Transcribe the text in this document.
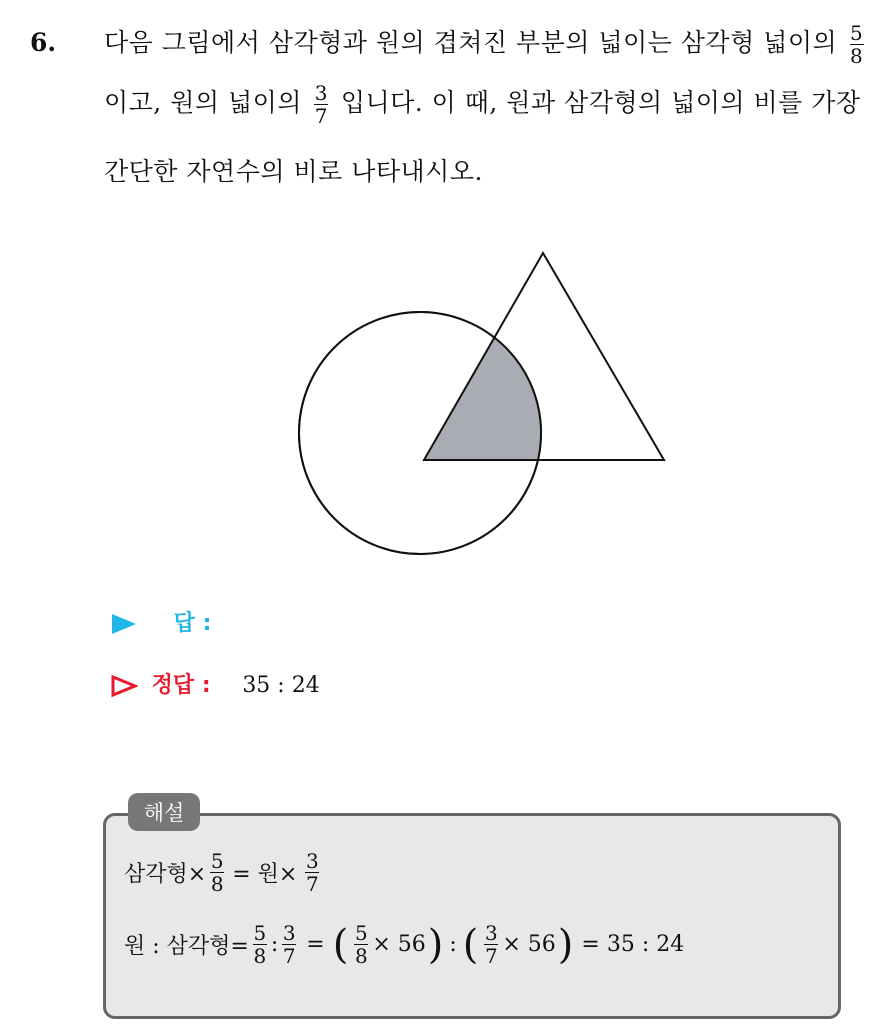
6. 다음 그림에서 삼각형과 원의 겹쳐진 부분의 넓이는 삼각형 넓이의 $\frac{5}{8}$
이고, 원의 넓이의 $\frac{3}{7}$ 입니다. 이 때, 원과 삼각형의 넓이의 비를 가장
간단한 자연수의 비로 나타내시오.
답 :
정답 : 35 : 24
해설
삼각형× $\frac{5}{8}$ = 원× $\frac{3}{7}$
원 : 삼각형= $\frac{5}{8}$ : $\frac{3}{7}$ = ( $\frac{5}{8} \times 56$ ) : ( $\frac{3}{7} \times 56$ ) = 35 : 24
